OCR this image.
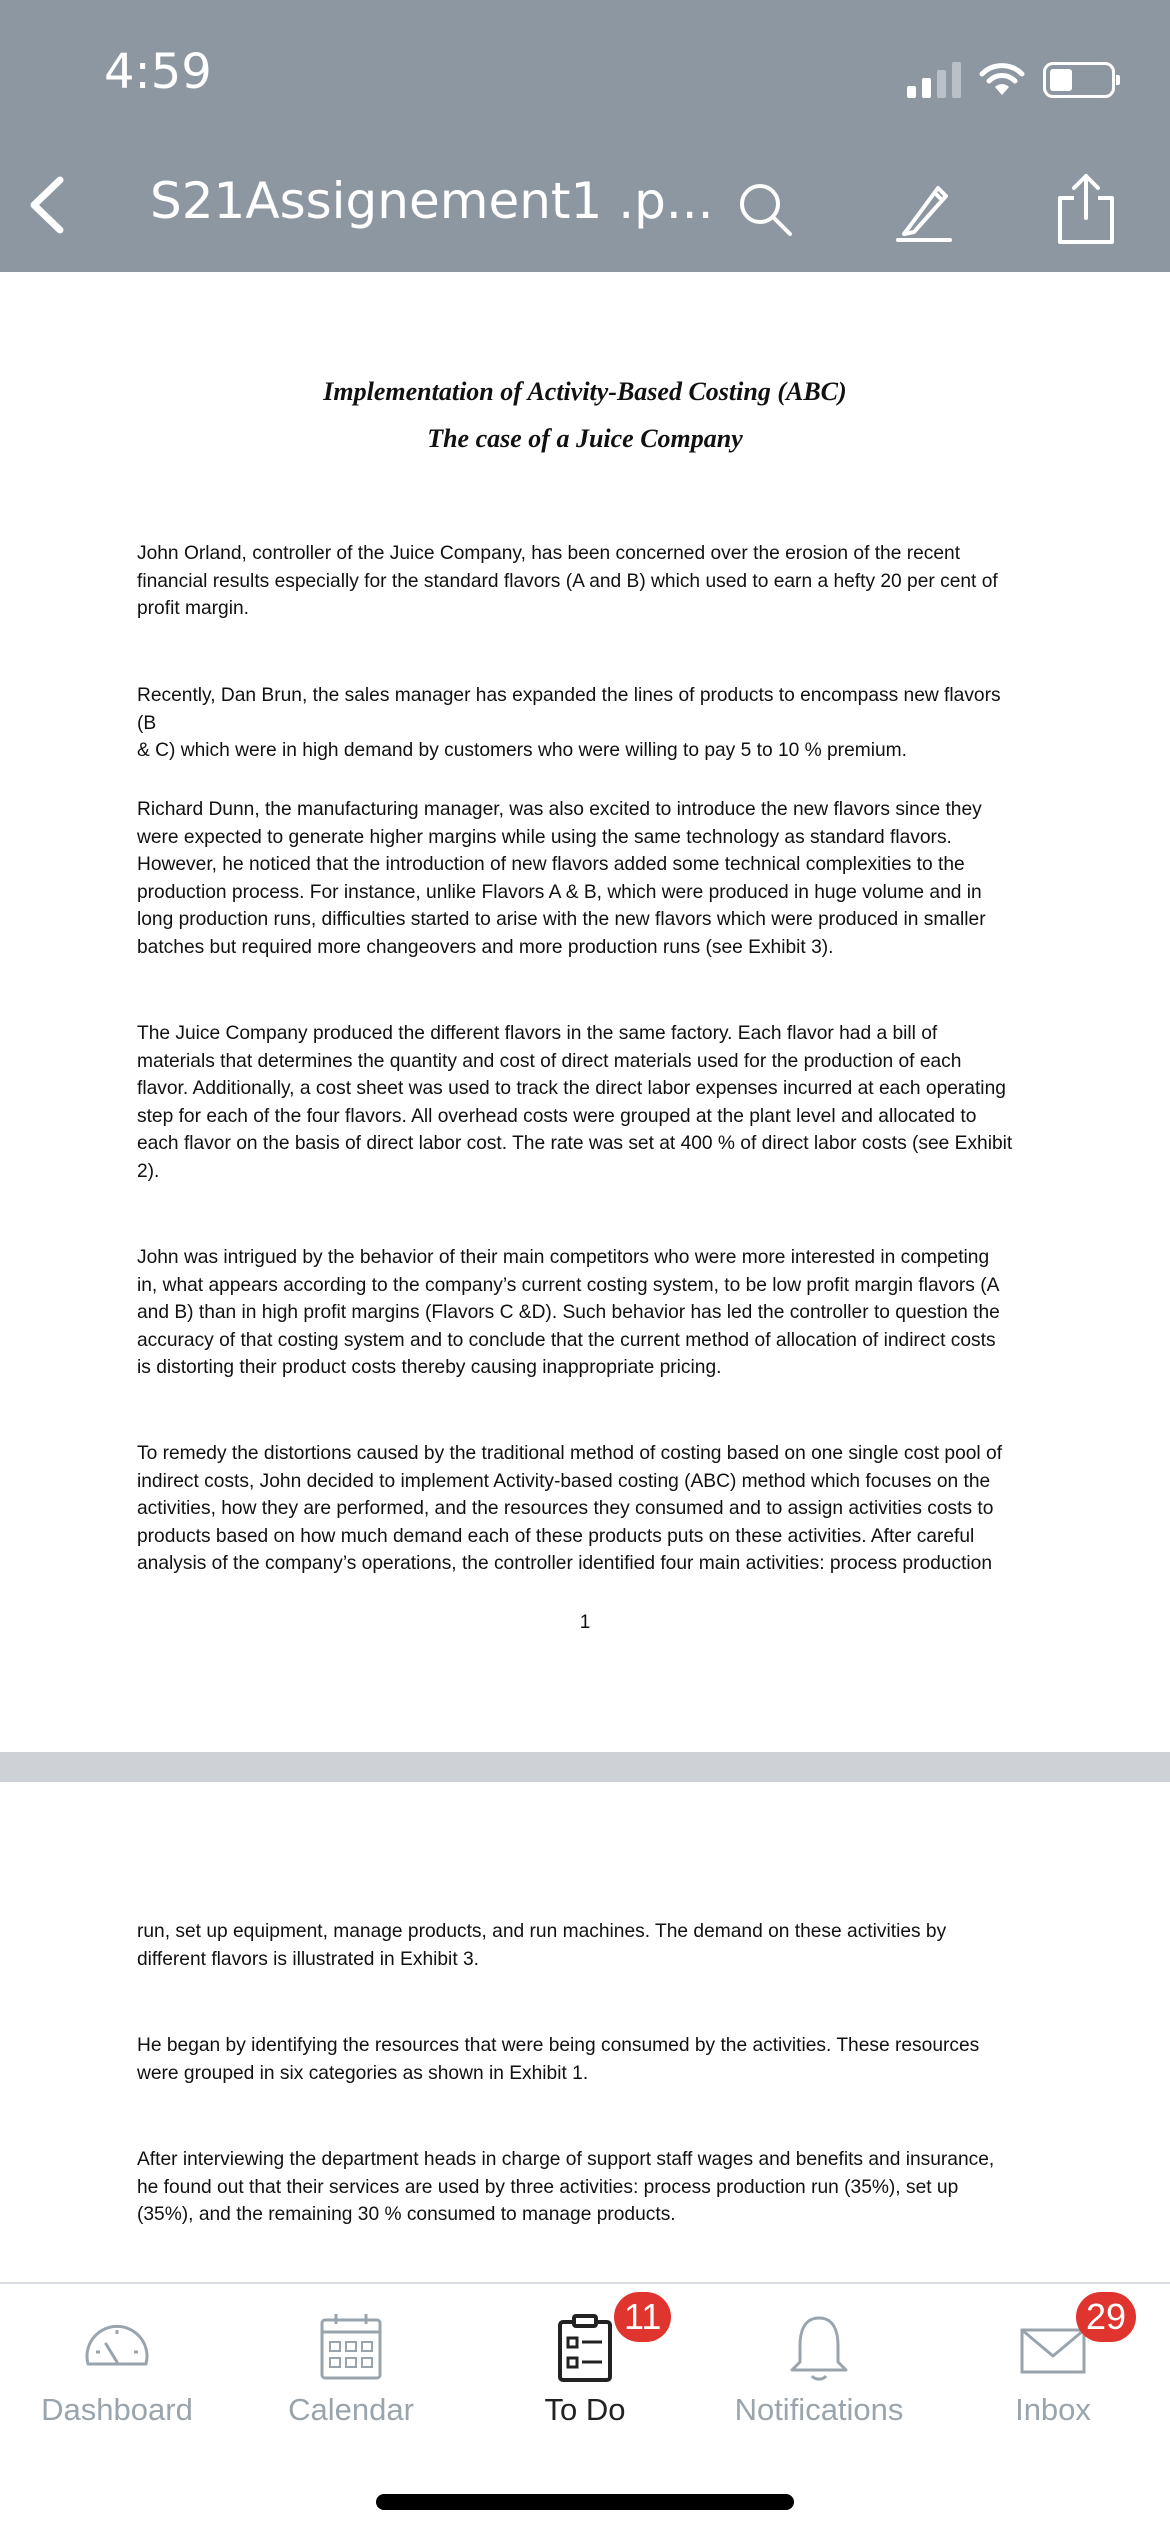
4:59
S21Assignement1 .p...
Implementation of Activity-Based Costing (ABC)
The case of a Juice Company
John Orland, controller of the Juice Company, has been concerned over the erosion of the recent
financial results especially for the standard flavors (A and B) which used to earn a hefty 20 per cent of
profit margin.
Recently, Dan Brun, the sales manager has expanded the lines of products to encompass new flavors (B
& C) which were in high demand by customers who were willing to pay 5 to 10 % premium.
Richard Dunn, the manufacturing manager, was also excited to introduce the new flavors since they
were expected to generate higher margins while using the same technology as standard flavors.
However, he noticed that the introduction of new flavors added some technical complexities to the
production process. For instance, unlike Flavors A & B, which were produced in huge volume and in
long production runs, difficulties started to arise with the new flavors which were produced in smaller
batches but required more changeovers and more production runs (see Exhibit 3).
The Juice Company produced the different flavors in the same factory. Each flavor had a bill of
materials that determines the quantity and cost of direct materials used for the production of each
flavor. Additionally, a cost sheet was used to track the direct labor expenses incurred at each operating
step for each of the four flavors. All overhead costs were grouped at the plant level and allocated to
each flavor on the basis of direct labor cost. The rate was set at 400 % of direct labor costs (see Exhibit
2).
John was intrigued by the behavior of their main competitors who were more interested in competing
in, what appears according to the company’s current costing system, to be low profit margin flavors (A
and B) than in high profit margins (Flavors C &D). Such behavior has led the controller to question the
accuracy of that costing system and to conclude that the current method of allocation of indirect costs
is distorting their product costs thereby causing inappropriate pricing.
To remedy the distortions caused by the traditional method of costing based on one single cost pool of
indirect costs, John decided to implement Activity-based costing (ABC) method which focuses on the
activities, how they are performed, and the resources they consumed and to assign activities costs to
products based on how much demand each of these products puts on these activities. After careful
analysis of the company’s operations, the controller identified four main activities: process production
1
run, set up equipment, manage products, and run machines. The demand on these activities by
different flavors is illustrated in Exhibit 3.
He began by identifying the resources that were being consumed by the activities. These resources
were grouped in six categories as shown in Exhibit 1.
After interviewing the department heads in charge of support staff wages and benefits and insurance,
he found out that their services are used by three activities: process production run (35%), set up
(35%), and the remaining 30 % consumed to manage products.
Dashboard	Calendar	To Do
11
Notifications	Inbox
29
